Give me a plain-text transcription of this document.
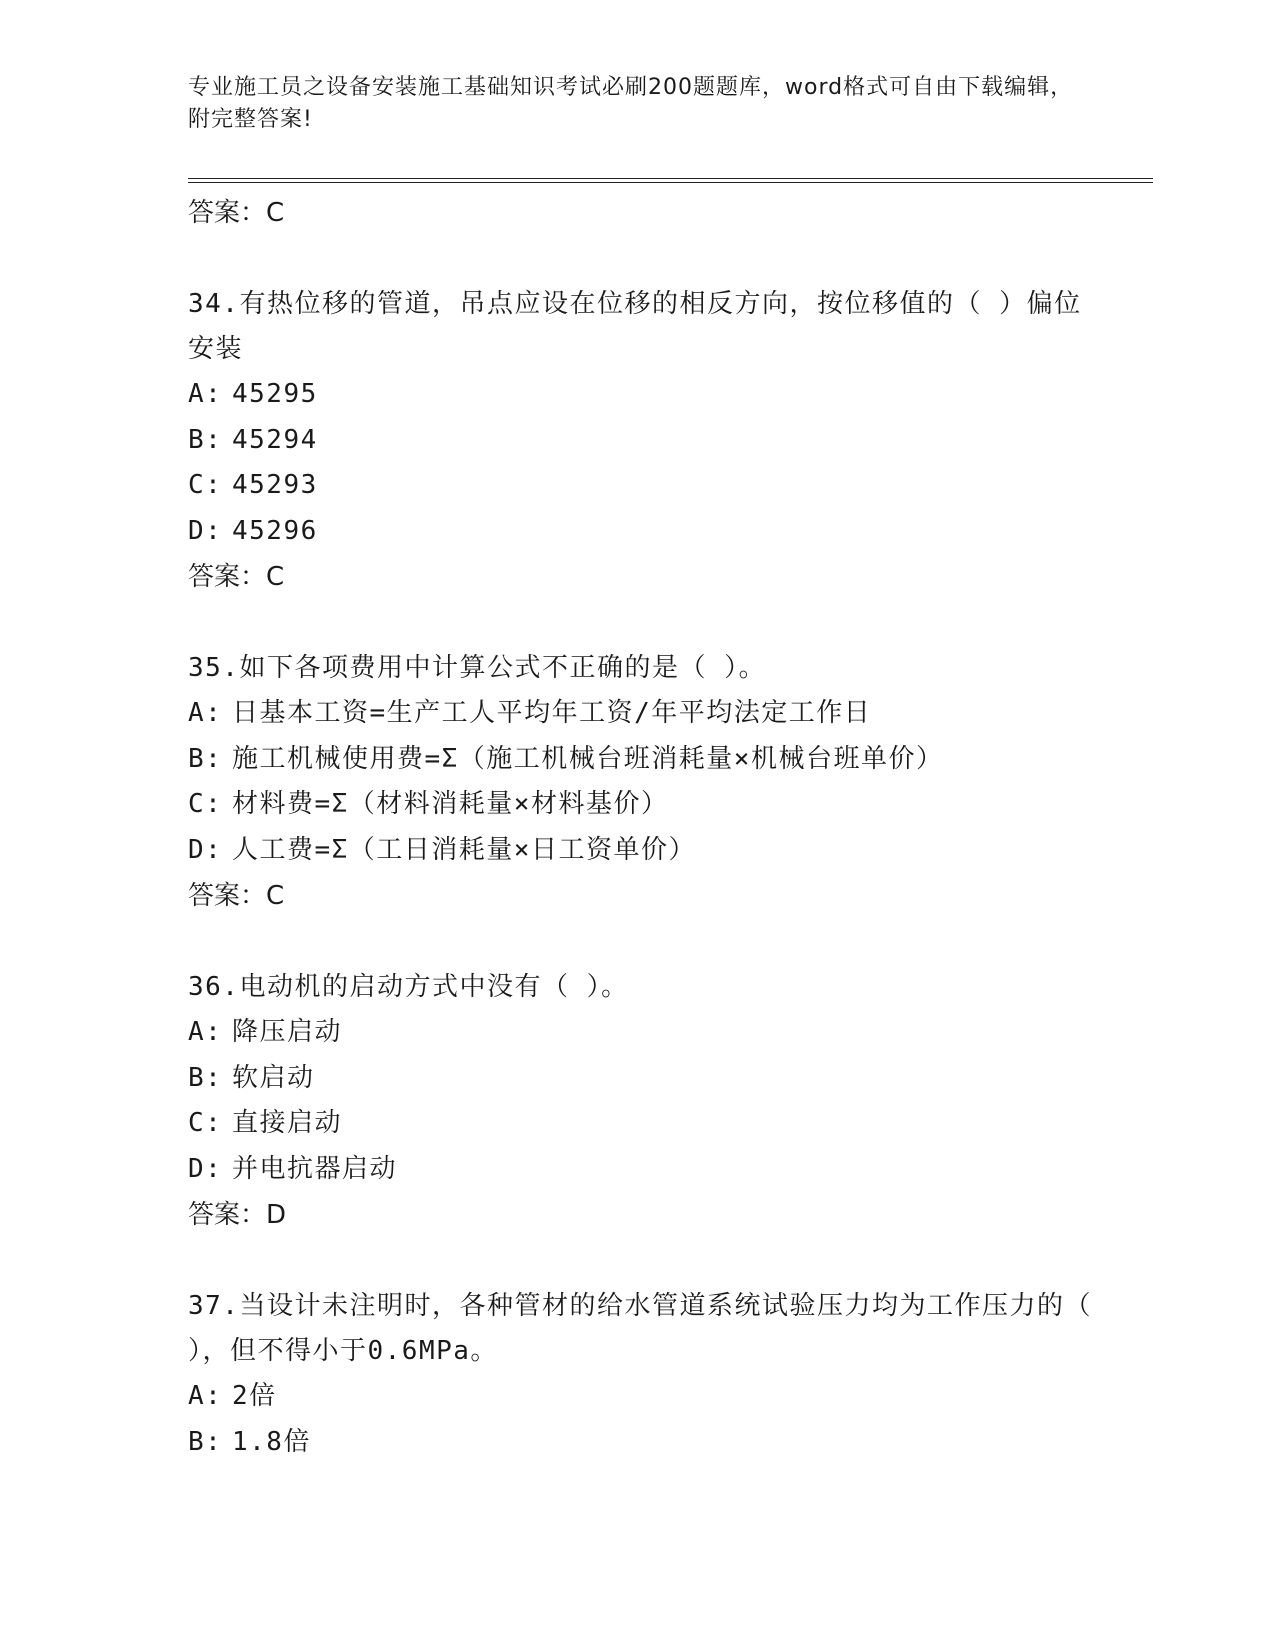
专业施工员之设备安装施工基础知识考试必刷200题题库，word格式可自由下载编辑，附完整答案!
答案：C
34.有热位移的管道，吊点应设在位移的相反方向，按位移值的（ ）偏位安装
A: 45295
B: 45294
C: 45293
D: 45296
答案：C
35.如下各项费用中计算公式不正确的是（ ）。
A: 日基本工资=生产工人平均年工资/年平均法定工作日
B: 施工机械使用费=Σ（施工机械台班消耗量×机械台班单价）
C: 材料费=Σ（材料消耗量×材料基价）
D: 人工费=Σ（工日消耗量×日工资单价）
答案：C
36.电动机的启动方式中没有（ ）。
A: 降压启动
B: 软启动
C: 直接启动
D: 并电抗器启动
答案：D
37.当设计未注明时，各种管材的给水管道系统试验压力均为工作压力的（ ），但不得小于0.6MPa。
A: 2倍
B: 1.8倍
